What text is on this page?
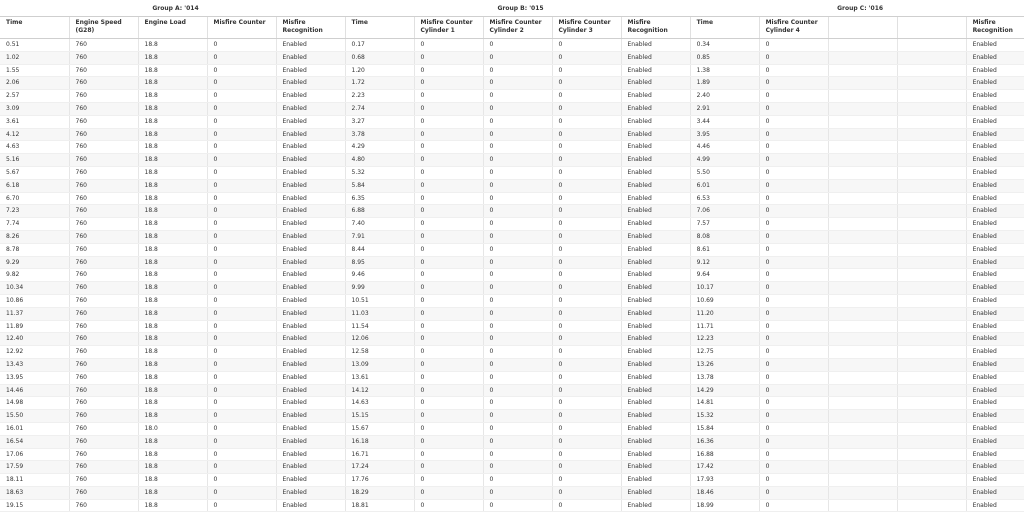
Group A: '014					Group B: '015					Group C: '016				
Time	Engine Speed (G28)	Engine Load	Misfire Counter	Misfire Recognition	Time	Misfire Counter Cylinder 1	Misfire Counter Cylinder 2	Misfire Counter Cylinder 3	Misfire Recognition	Time	Misfire Counter Cylinder 4			Misfire Recognition
0.51	760	18.8	0	Enabled	0.17	0	0	0	Enabled	0.34	0			Enabled
1.02	760	18.8	0	Enabled	0.68	0	0	0	Enabled	0.85	0			Enabled
1.55	760	18.8	0	Enabled	1.20	0	0	0	Enabled	1.38	0			Enabled
2.06	760	18.8	0	Enabled	1.72	0	0	0	Enabled	1.89	0			Enabled
2.57	760	18.8	0	Enabled	2.23	0	0	0	Enabled	2.40	0			Enabled
3.09	760	18.8	0	Enabled	2.74	0	0	0	Enabled	2.91	0			Enabled
3.61	760	18.8	0	Enabled	3.27	0	0	0	Enabled	3.44	0			Enabled
4.12	760	18.8	0	Enabled	3.78	0	0	0	Enabled	3.95	0			Enabled
4.63	760	18.8	0	Enabled	4.29	0	0	0	Enabled	4.46	0			Enabled
5.16	760	18.8	0	Enabled	4.80	0	0	0	Enabled	4.99	0			Enabled
5.67	760	18.8	0	Enabled	5.32	0	0	0	Enabled	5.50	0			Enabled
6.18	760	18.8	0	Enabled	5.84	0	0	0	Enabled	6.01	0			Enabled
6.70	760	18.8	0	Enabled	6.35	0	0	0	Enabled	6.53	0			Enabled
7.23	760	18.8	0	Enabled	6.88	0	0	0	Enabled	7.06	0			Enabled
7.74	760	18.8	0	Enabled	7.40	0	0	0	Enabled	7.57	0			Enabled
8.26	760	18.8	0	Enabled	7.91	0	0	0	Enabled	8.08	0			Enabled
8.78	760	18.8	0	Enabled	8.44	0	0	0	Enabled	8.61	0			Enabled
9.29	760	18.8	0	Enabled	8.95	0	0	0	Enabled	9.12	0			Enabled
9.82	760	18.8	0	Enabled	9.46	0	0	0	Enabled	9.64	0			Enabled
10.34	760	18.8	0	Enabled	9.99	0	0	0	Enabled	10.17	0			Enabled
10.86	760	18.8	0	Enabled	10.51	0	0	0	Enabled	10.69	0			Enabled
11.37	760	18.8	0	Enabled	11.03	0	0	0	Enabled	11.20	0			Enabled
11.89	760	18.8	0	Enabled	11.54	0	0	0	Enabled	11.71	0			Enabled
12.40	760	18.8	0	Enabled	12.06	0	0	0	Enabled	12.23	0			Enabled
12.92	760	18.8	0	Enabled	12.58	0	0	0	Enabled	12.75	0			Enabled
13.43	760	18.8	0	Enabled	13.09	0	0	0	Enabled	13.26	0			Enabled
13.95	760	18.8	0	Enabled	13.61	0	0	0	Enabled	13.78	0			Enabled
14.46	760	18.8	0	Enabled	14.12	0	0	0	Enabled	14.29	0			Enabled
14.98	760	18.8	0	Enabled	14.63	0	0	0	Enabled	14.81	0			Enabled
15.50	760	18.8	0	Enabled	15.15	0	0	0	Enabled	15.32	0			Enabled
16.01	760	18.0	0	Enabled	15.67	0	0	0	Enabled	15.84	0			Enabled
16.54	760	18.8	0	Enabled	16.18	0	0	0	Enabled	16.36	0			Enabled
17.06	760	18.8	0	Enabled	16.71	0	0	0	Enabled	16.88	0			Enabled
17.59	760	18.8	0	Enabled	17.24	0	0	0	Enabled	17.42	0			Enabled
18.11	760	18.8	0	Enabled	17.76	0	0	0	Enabled	17.93	0			Enabled
18.63	760	18.8	0	Enabled	18.29	0	0	0	Enabled	18.46	0			Enabled
19.15	760	18.8	0	Enabled	18.81	0	0	0	Enabled	18.99	0			Enabled
